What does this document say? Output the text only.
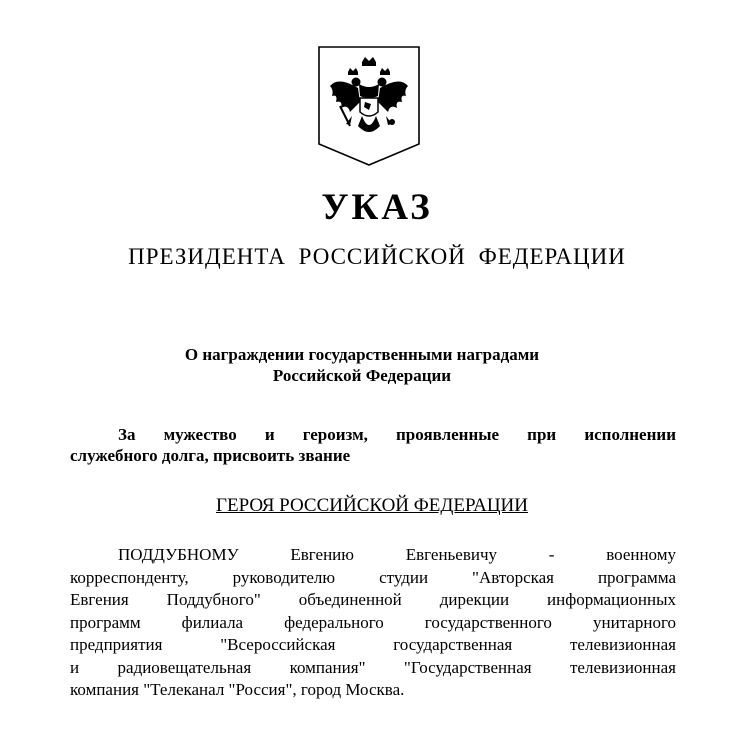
УКАЗ
ПРЕЗИДЕНТА РОССИЙСКОЙ ФЕДЕРАЦИИ
О награждении государственными наградами
Российской Федерации
За мужество и героизм, проявленные при исполнении
служебного долга, присвоить звание
ГЕРОЯ РОССИЙСКОЙ ФЕДЕРАЦИИ
ПОДДУБНОМУ Евгению Евгеньевичу - военному
корреспонденту, руководителю студии "Авторская программа
Евгения Поддубного" объединенной дирекции информационных
программ филиала федерального государственного унитарного
предприятия "Всероссийская государственная телевизионная
и радиовещательная компания" "Государственная телевизионная
компания "Телеканал "Россия", город Москва.
